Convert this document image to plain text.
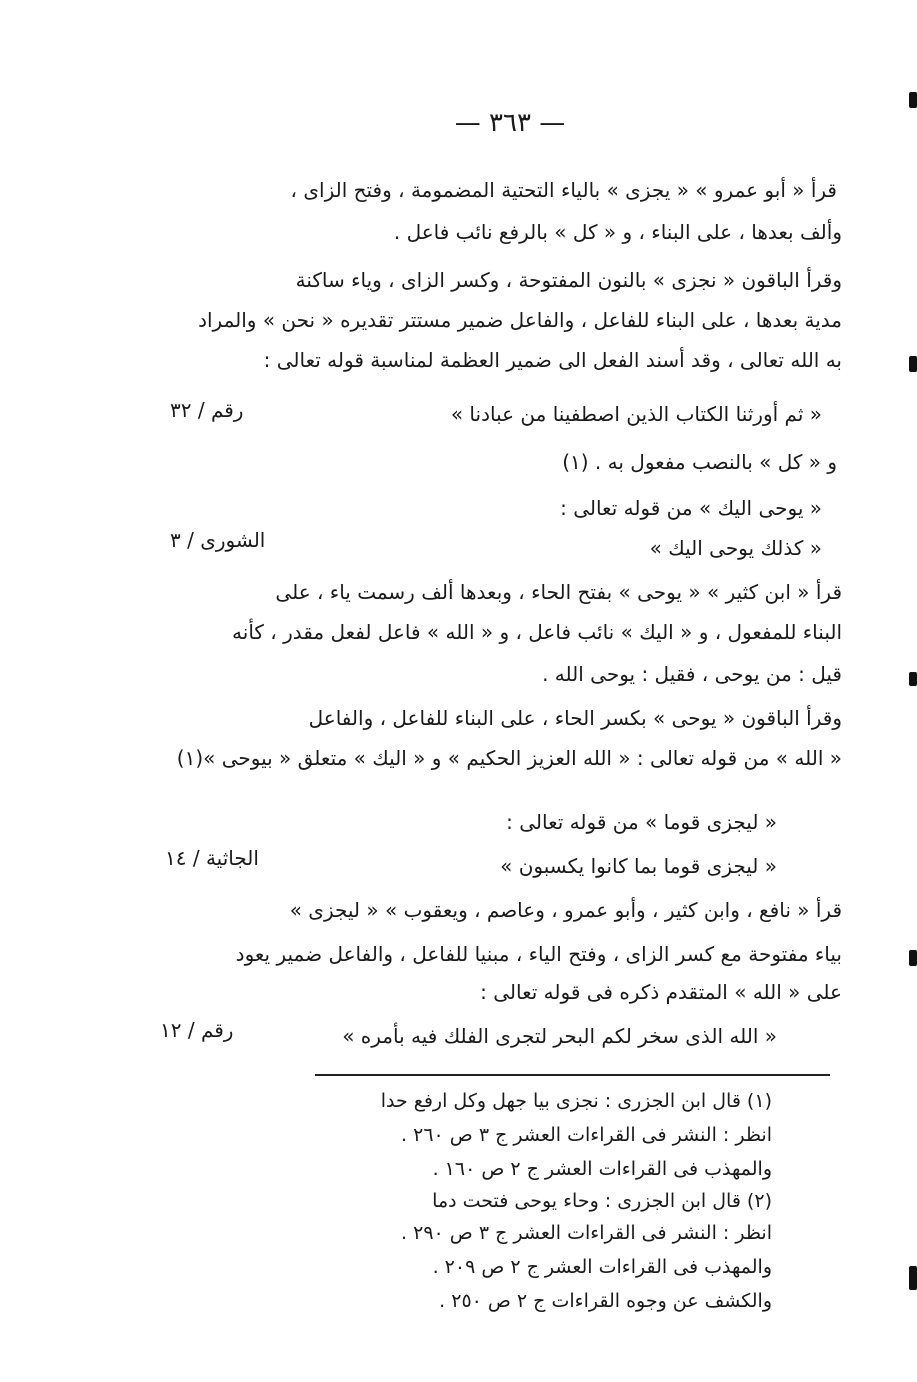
— ٣٦٣ —
قرأ « أبو عمرو » « يجزى » بالياء التحتية المضمومة ، وفتح الزاى ،
وألف بعدها ، على البناء ، و « كل » بالرفع نائب فاعل .
وقرأ الباقون « نجزى » بالنون المفتوحة ، وكسر الزاى ، وياء ساكنة
مدية بعدها ، على البناء للفاعل ، والفاعل ضمير مستتر تقديره « نحن » والمراد
به الله تعالى ، وقد أسند الفعل الى ضمير العظمة لمناسبة قوله تعالى :
« ثم أورثنا الكتاب الذين اصطفينا من عبادنا »
رقم / ٣٢
و « كل » بالنصب مفعول به . (١)
« يوحى اليك » من قوله تعالى :
« كذلك يوحى اليك »
الشورى / ٣
قرأ « ابن كثير » « يوحى » بفتح الحاء ، وبعدها ألف رسمت ياء ، على
البناء للمفعول ، و « اليك » نائب فاعل ، و « الله » فاعل لفعل مقدر ، كأنه
قيل : من يوحى ، فقيل : يوحى الله .
وقرأ الباقون « يوحى » بكسر الحاء ، على البناء للفاعل ، والفاعل
« الله » من قوله تعالى : « الله العزيز الحكيم » و « اليك » متعلق « بيوحى »(١)
« ليجزى قوما » من قوله تعالى :
« ليجزى قوما بما كانوا يكسبون »
الجاثية / ١٤
قرأ « نافع ، وابن كثير ، وأبو عمرو ، وعاصم ، ويعقوب » « ليجزى »
بياء مفتوحة مع كسر الزاى ، وفتح الياء ، مبنيا للفاعل ، والفاعل ضمير يعود
على « الله » المتقدم ذكره فى قوله تعالى :
« الله الذى سخر لكم البحر لتجرى الفلك فيه بأمره »
رقم / ١٢
(١) قال ابن الجزرى : نجزى بيا جهل وكل ارفع حدا
انظر : النشر فى القراءات العشر ج ٣ ص ٢٦٠ .
والمهذب فى القراءات العشر ج ٢ ص ١٦٠ .
(٢) قال ابن الجزرى : وحاء يوحى فتحت دما
انظر : النشر فى القراءات العشر ج ٣ ص ٢٩٠ .
والمهذب فى القراءات العشر ج ٢ ص ٢٠٩ .
والكشف عن وجوه القراءات ج ٢ ص ٢٥٠ .
